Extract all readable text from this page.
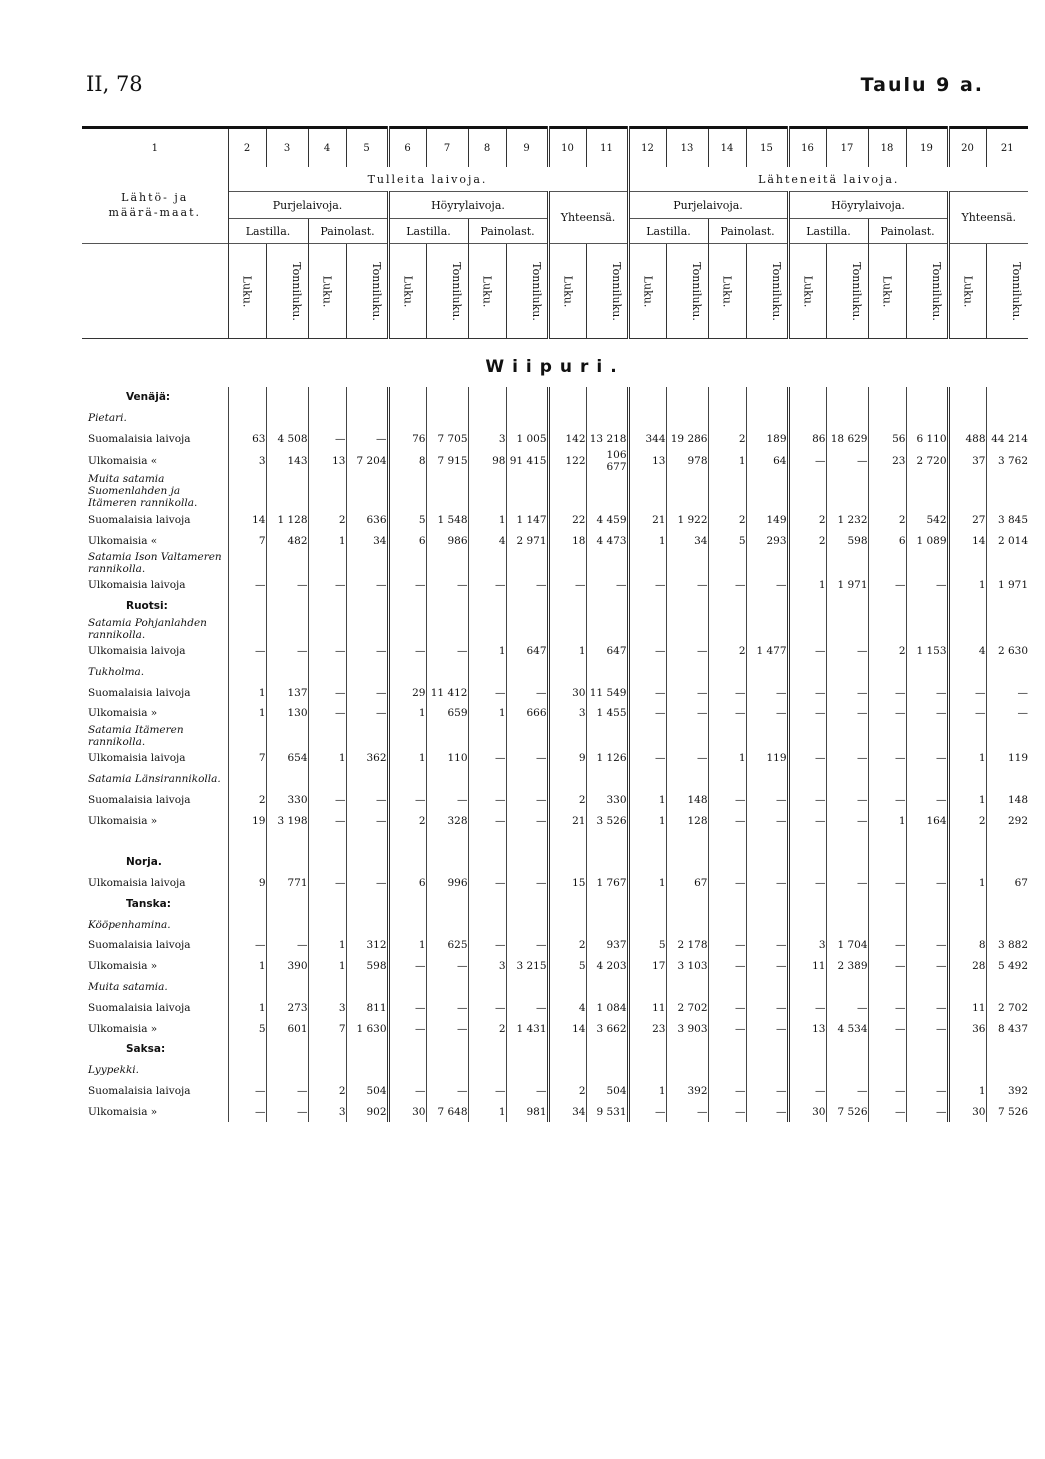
II, 78	Taulu 9 a.
1	2	3	4	5	6	7	8	9	10	11	12	13	14	15	16	17	18	19	20	21

Lähtö- ja määrä-maat.	Tulleita laivoja.										Lähteneitä laivoja.									
	Purjelaivoja.				Höyrylaivoja.				Yhteensä.		Purjelaivoja.				Höyrylaivoja.				Yhteensä.	
	Lastilla.		Painolast.		Lastilla.		Painolast.				Lastilla.		Painolast.		Lastilla.		Painolast.			
	Luku.	Tonniluku.	Luku.	Tonniluku.	Luku.	Tonniluku.	Luku.	Tonniluku.	Luku.	Tonniluku.	Luku.	Tonniluku.	Luku.	Tonniluku.	Luku.	Tonniluku.	Luku.	Tonniluku.	Luku.	Tonniluku.

Wiipuri.																				
Venäjä:																				
Pietari.																				
Suomalaisia laivoja	63	4 508	—	—	76	7 705	3	1 005	142	13 218	344	19 286	2	189	86	18 629	56	6 110	488	44 214
Ulkomaisia «	3	143	13	7 204	8	7 915	98	91 415	122	106 677	13	978	1	64	—	—	23	2 720	37	3 762
Muita satamia Suomenlahden ja Itämeren rannikolla.																				
Suomalaisia laivoja	14	1 128	2	636	5	1 548	1	1 147	22	4 459	21	1 922	2	149	2	1 232	2	542	27	3 845
Ulkomaisia «	7	482	1	34	6	986	4	2 971	18	4 473	1	34	5	293	2	598	6	1 089	14	2 014
Satamia Ison Valtameren rannikolla.																				
Ulkomaisia laivoja	—	—	—	—	—	—	—	—	—	—	—	—	—	—	1	1 971	—	—	1	1 971
Ruotsi:																				
Satamia Pohjanlahden rannikolla.																				
Ulkomaisia laivoja	—	—	—	—	—	—	1	647	1	647	—	—	2	1 477	—	—	2	1 153	4	2 630
Tukholma.																				
Suomalaisia laivoja	1	137	—	—	29	11 412	—	—	30	11 549	—	—	—	—	—	—	—	—	—	—
Ulkomaisia »	1	130	—	—	1	659	1	666	3	1 455	—	—	—	—	—	—	—	—	—	—
Satamia Itämeren rannikolla.																				
Ulkomaisia laivoja	7	654	1	362	1	110	—	—	9	1 126	—	—	1	119	—	—	—	—	1	119
Satamia Länsirannikolla.																				
Suomalaisia laivoja	2	330	—	—	—	—	—	—	2	330	1	148	—	—	—	—	—	—	1	148
Ulkomaisia »	19	3 198	—	—	2	328	—	—	21	3 526	1	128	—	—	—	—	1	164	2	292

Norja.																				
Ulkomaisia laivoja	9	771	—	—	6	996	—	—	15	1 767	1	67	—	—	—	—	—	—	1	67
Tanska:																				
Kööpenhamina.																				
Suomalaisia laivoja	—	—	1	312	1	625	—	—	2	937	5	2 178	—	—	3	1 704	—	—	8	3 882
Ulkomaisia »	1	390	1	598	—	—	3	3 215	5	4 203	17	3 103	—	—	11	2 389	—	—	28	5 492
Muita satamia.																				
Suomalaisia laivoja	1	273	3	811	—	—	—	—	4	1 084	11	2 702	—	—	—	—	—	—	11	2 702
Ulkomaisia »	5	601	7	1 630	—	—	2	1 431	14	3 662	23	3 903	—	—	13	4 534	—	—	36	8 437
Saksa:																				
Lyypekki.																				
Suomalaisia laivoja	—	—	2	504	—	—	—	—	2	504	1	392	—	—	—	—	—	—	1	392
Ulkomaisia »	—	—	3	902	30	7 648	1	981	34	9 531	—	—	—	—	30	7 526	—	—	30	7 526
